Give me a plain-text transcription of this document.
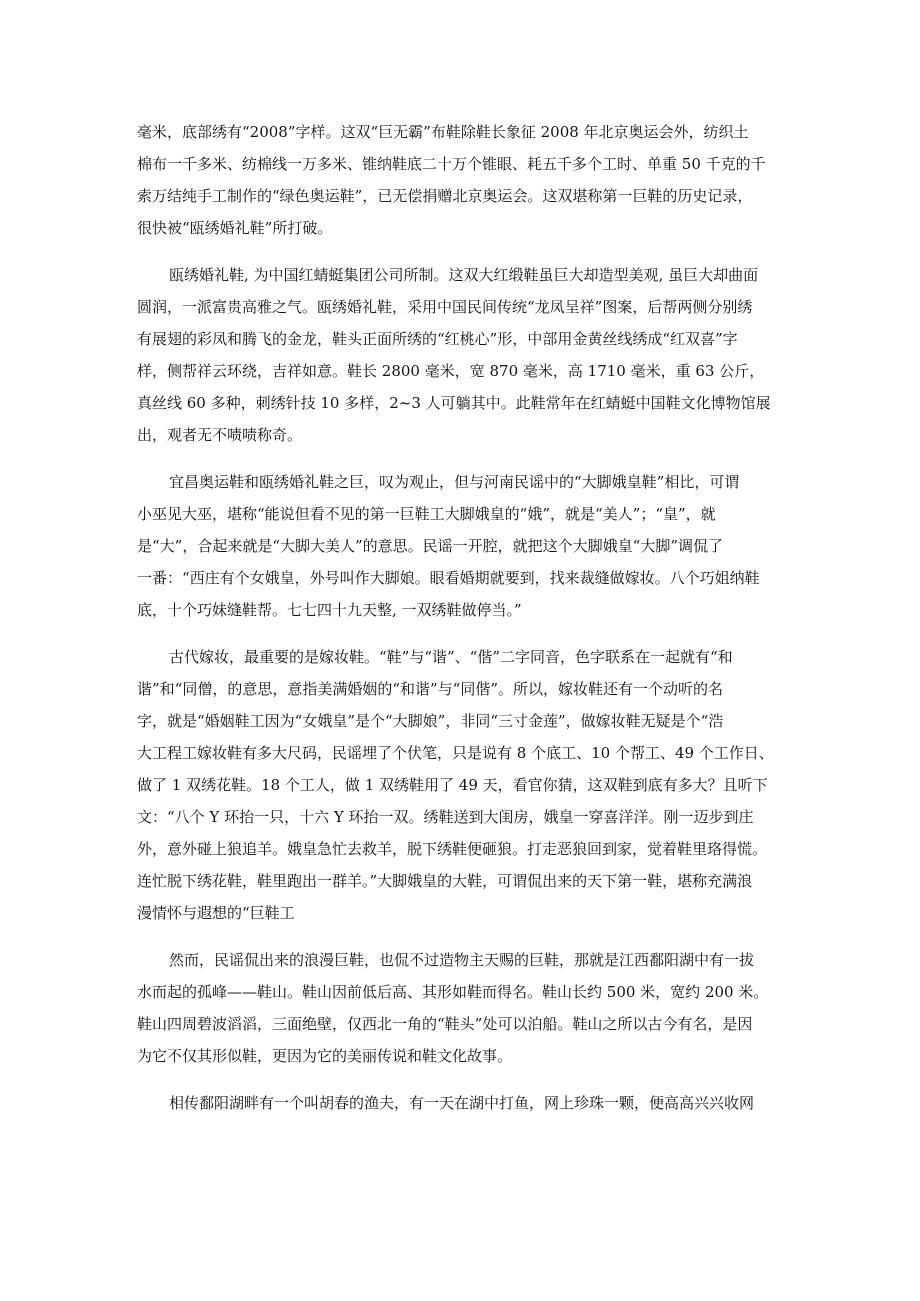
毫米，底部绣有“2008”字样。这双“巨无霸”布鞋除鞋长象征 2008 年北京奥运会外，纺织土
棉布一千多米、纺棉线一万多米、锥纳鞋底二十万个锥眼、耗五千多个工时、单重 50 千克的千
索万结纯手工制作的“绿色奥运鞋”，已无偿捐赠北京奥运会。这双堪称第一巨鞋的历史记录，
很快被“瓯绣婚礼鞋”所打破。

瓯绣婚礼鞋, 为中国红蜻蜓集团公司所制。这双大红缎鞋虽巨大却造型美观, 虽巨大却曲面
圆润，一派富贵高雅之气。瓯绣婚礼鞋，采用中国民间传统“龙凤呈祥”图案，后帮两侧分别绣
有展翅的彩凤和腾飞的金龙，鞋头正面所绣的“红桃心”形，中部用金黄丝线绣成“红双喜”字
样，侧帮祥云环绕，吉祥如意。鞋长 2800 毫米，宽 870 毫米，高 1710 毫米，重 63 公斤，
真丝线 60 多种，刺绣针技 10 多样，2~3 人可躺其中。此鞋常年在红蜻蜓中国鞋文化博物馆展
出，观者无不啧啧称奇。

宜昌奥运鞋和瓯绣婚礼鞋之巨，叹为观止，但与河南民谣中的“大脚娥皇鞋”相比，可谓
小巫见大巫，堪称“能说但看不见的第一巨鞋工大脚娥皇的“娥”，就是“美人”；“皇”，就
是“大”，合起来就是“大脚大美人”的意思。民谣一开腔，就把这个大脚娥皇“大脚”调侃了
一番：“西庄有个女娥皇，外号叫作大脚娘。眼看婚期就要到，找来裁缝做嫁妆。八个巧姐纳鞋
底，十个巧妹缝鞋帮。七七四十九天整, 一双绣鞋做停当。”

古代嫁妆，最重要的是嫁妆鞋。“鞋”与“谐”、“偕”二字同音，色字联系在一起就有“和
谐”和“同僧，的意思，意指美满婚姻的“和谐”与“同偕”。所以，嫁妆鞋还有一个动听的名
字，就是“婚姻鞋工因为“女娥皇”是个“大脚娘”，非同“三寸金莲”，做嫁妆鞋无疑是个“浩
大工程工嫁妆鞋有多大尺码，民谣埋了个伏笔，只是说有 8 个底工、10 个帮工、49 个工作日、
做了 1 双绣花鞋。18 个工人，做 1 双绣鞋用了 49 天，看官你猜，这双鞋到底有多大？且听下
文：“八个 Y 环抬一只，十六 Y 环抬一双。绣鞋送到大闺房，娥皇一穿喜洋洋。刚一迈步到庄
外，意外碰上狼追羊。娥皇急忙去救羊，脱下绣鞋便砸狼。打走恶狼回到家，觉着鞋里珞得慌。
连忙脱下绣花鞋，鞋里跑出一群羊。”大脚娥皇的大鞋，可谓侃出来的天下第一鞋，堪称充满浪
漫情怀与遐想的“巨鞋工

然而，民谣侃出来的浪漫巨鞋，也侃不过造物主天赐的巨鞋，那就是江西鄱阳湖中有一拔
水而起的孤峰——鞋山。鞋山因前低后高、其形如鞋而得名。鞋山长约 500 米，宽约 200 米。
鞋山四周碧波滔滔，三面绝壁，仅西北一角的“鞋头”处可以泊船。鞋山之所以古今有名，是因
为它不仅其形似鞋，更因为它的美丽传说和鞋文化故事。

相传鄱阳湖畔有一个叫胡春的渔夫，有一天在湖中打鱼，网上珍珠一颗，便高高兴兴收网
